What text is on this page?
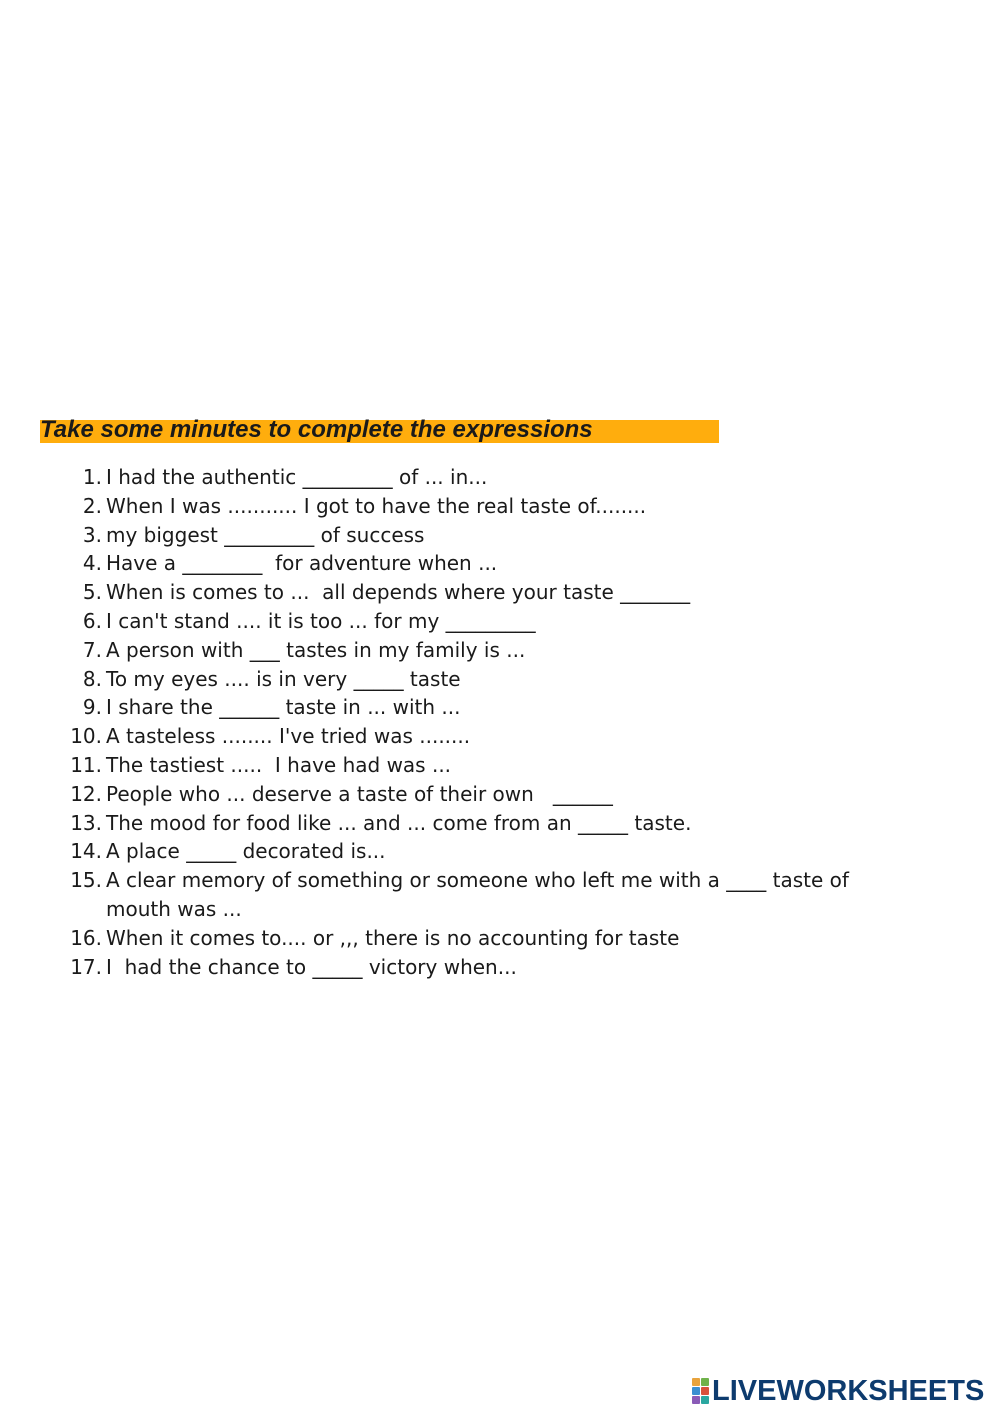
Take some minutes to complete the expressions
1. I had the authentic _________ of ... in...
2. When I was ........... I got to have the real taste of........
3. my biggest _________ of success
4. Have a ________  for adventure when ...
5. When is comes to ...  all depends where your taste _______
6. I can't stand .... it is too ... for my _________
7. A person with ___ tastes in my family is ...
8. To my eyes .... is in very _____ taste
9. I share the ______ taste in ... with ...
10. A tasteless ........ I've tried was ........
11. The tastiest .....  I have had was ...
12. People who ... deserve a taste of their own   ______
13. The mood for food like ... and ... come from an _____ taste.
14. A place _____ decorated is...
15. A clear memory of something or someone who left me with a ____ taste of mouth was ...
16. When it comes to.... or ,,, there is no accounting for taste
17. I  had the chance to _____ victory when...
LIVEWORKSHEETS
